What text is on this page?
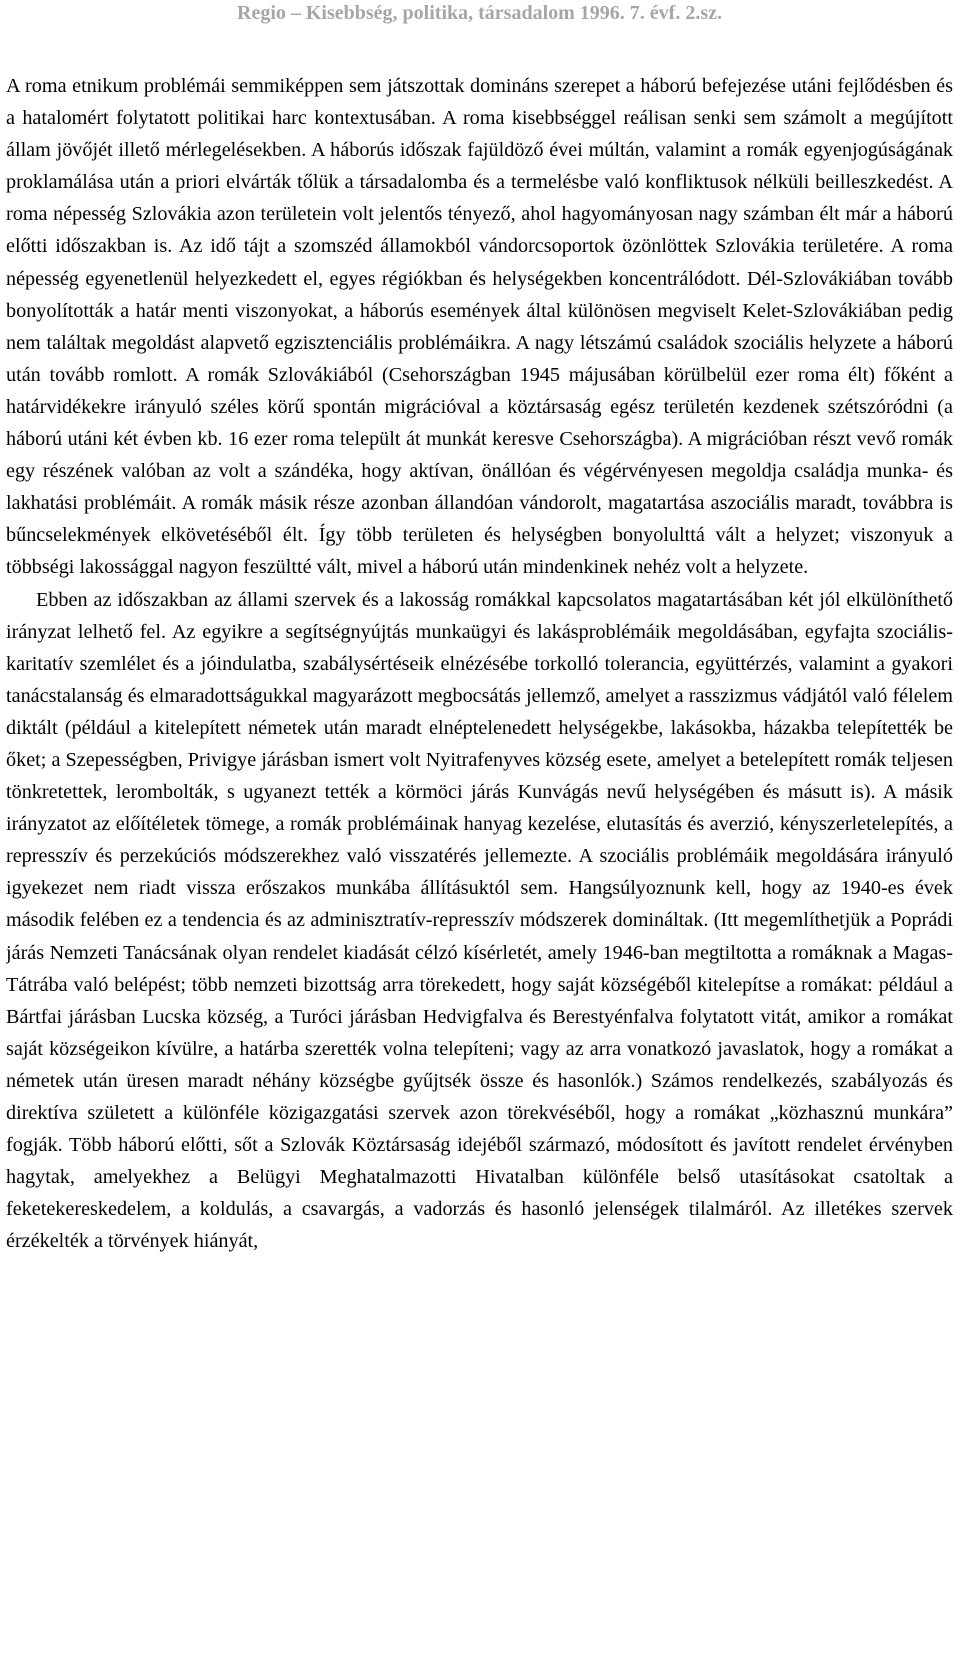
Regio – Kisebbség, politika, társadalom 1996. 7. évf. 2.sz.

A roma etnikum problémái semmiképpen sem játszottak domináns szerepet a háború befejezése utáni fejlődésben és a hatalomért folytatott politikai harc kontextusában. A roma kisebbséggel reálisan senki sem számolt a megújított állam jövőjét illető mérlegelésekben. A háborús időszak fajüldöző évei múltán, valamint a romák egyenjogúságának proklamálása után a priori elvárták tőlük a társadalomba és a termelésbe való konfliktusok nélküli beilleszkedést. A roma népesség Szlovákia azon területein volt jelentős tényező, ahol hagyományosan nagy számban élt már a háború előtti időszakban is. Az idő tájt a szomszéd államokból vándorcsoportok özönlöttek Szlovákia területére. A roma népesség egyenetlenül helyezkedett el, egyes régiókban és helységekben koncentrálódott. Dél-Szlovákiában tovább bonyolították a határ menti viszonyokat, a háborús események által különösen megviselt Kelet-Szlovákiában pedig nem találtak megoldást alapvető egzisztenciális problémáikra. A nagy létszámú családok szociális helyzete a háború után tovább romlott. A romák Szlovákiából (Csehországban 1945 májusában körülbelül ezer roma élt) főként a határvidékekre irányuló széles körű spontán migrációval a köztársaság egész területén kezdenek szétszóródni (a háború utáni két évben kb. 16 ezer roma települt át munkát keresve Csehországba). A migrációban részt vevő romák egy részének valóban az volt a szándéka, hogy aktívan, önállóan és végérvényesen megoldja családja munka- és lakhatási problémáit. A romák másik része azonban állandóan vándorolt, magatartása aszociális maradt, továbbra is bűncselekmények elkövetéséből élt. Így több területen és helységben bonyolulttá vált a helyzet; viszonyuk a többségi lakossággal nagyon feszültté vált, mivel a háború után mindenkinek nehéz volt a helyzete.

Ebben az időszakban az állami szervek és a lakosság romákkal kapcsolatos magatartásában két jól elkülöníthető irányzat lelhető fel. Az egyikre a segítségnyújtás munkaügyi és lakásproblémáik megoldásában, egyfajta szociális-karitatív szemlélet és a jóindulatba, szabálysértéseik elnézésébe torkolló tolerancia, együttérzés, valamint a gyakori tanácstalanság és elmaradottságukkal magyarázott megbocsátás jellemző, amelyet a rasszizmus vádjától való félelem diktált (például a kitelepített németek után maradt elnéptelenedett helységekbe, lakásokba, házakba telepítették be őket; a Szepességben, Privigye járásban ismert volt Nyitrafenyves község esete, amelyet a betelepített romák teljesen tönkretettek, lerombolták, s ugyanezt tették a körmöci járás Kunvágás nevű helységében és másutt is). A másik irányzatot az előítéletek tömege, a romák problémáinak hanyag kezelése, elutasítás és averzió, kényszerletelepítés, a represszív és perzekúciós módszerekhez való visszatérés jellemezte. A szociális problémáik megoldására irányuló igyekezet nem riadt vissza erőszakos munkába állításuktól sem. Hangsúlyoznunk kell, hogy az 1940-es évek második felében ez a tendencia és az adminisztratív-represszív módszerek domináltak. (Itt megemlíthetjük a Poprádi járás Nemzeti Tanácsának olyan rendelet kiadását célzó kísérletét, amely 1946-ban megtiltotta a romáknak a Magas-Tátrába való belépést; több nemzeti bizottság arra törekedett, hogy saját községéből kitelepítse a romákat: például a Bártfai járásban Lucska község, a Turóci járásban Hedvigfalva és Berestyénfalva folytatott vitát, amikor a romákat saját községeikon kívülre, a határba szerették volna telepíteni; vagy az arra vonatkozó javaslatok, hogy a romákat a németek után üresen maradt néhány községbe gyűjtsék össze és hasonlók.) Számos rendelkezés, szabályozás és direktíva született a különféle közigazgatási szervek azon törekvéséből, hogy a romákat „közhasznú munkára” fogják. Több háború előtti, sőt a Szlovák Köztársaság idejéből származó, módosított és javított rendelet érvényben hagytak, amelyekhez a Belügyi Meghatalmazotti Hivatalban különféle belső utasításokat csatoltak a feketekereskedelem, a koldulás, a csavargás, a vadorzás és hasonló jelenségek tilalmáról. Az illetékes szervek érzékelték a törvények hiányát,
